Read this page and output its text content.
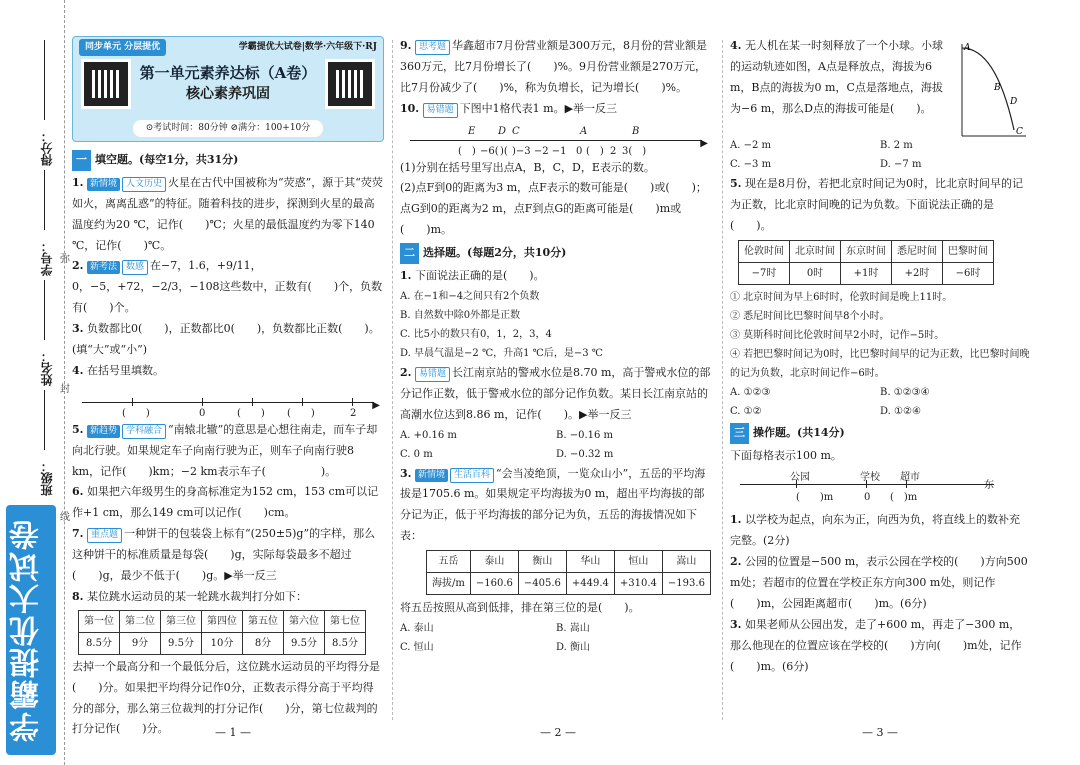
得分：
学号：
姓名：
班级：
弥
封
线
学霸提优大试卷
同步单元 分层提优	学霸提优大试卷|数学·六年级下·RJ
第一单元素养达标（A卷）
核心素养巩固
⊙考试时间：80分钟 ⊘满分：100+10分
一 填空题。(每空1分，共31分)
1. 新情境 人文历史 火星在古代中国被称为“荧惑”，源于其“荧荧如火，离离乱惑”的特征。随着科技的进步，探测到火星的最高温度约为20 ℃，记作(　　)℃；火星的最低温度约为零下140 ℃，记作(　　)℃。
2. 新考法 数感 在−7，1.6，+9/11，0，−5，+72，−2/3，−108这些数中，正数有(　　)个，负数有(　　)个。
3. 负数都比0(　　)，正数都比0(　　)，负数都比正数(　　)。(填“大”或“小”)
4. 在括号里填数。
▶
(　　)	0	(　　) (　　)	2
5. 新趋势 学科融合 “南辕北辙”的意思是心想往南走，而车子却向北行驶。如果规定车子向南行驶为正，则车子向南行驶8 km，记作(　　)km；−2 km表示车子(　　　　　)。
6. 如果把六年级男生的身高标准定为152 cm，153 cm可以记作+1 cm，那么149 cm可以记作(　　)cm。
7. 重点题 一种饼干的包装袋上标有“(250±5)g”的字样，那么这种饼干的标准质量是每袋(　　)g，实际每袋最多不超过(　　)g，最少不低于(　　)g。▶举一反三
8. 某位跳水运动员的某一轮跳水裁判打分如下：
第一位	第二位	第三位	第四位	第五位	第六位	第七位
8.5分	9分	9.5分	10分	8分	9.5分	8.5分
去掉一个最高分和一个最低分后，这位跳水运动员的平均得分是(　　)分。如果把平均得分记作0分，正数表示得分高于平均得分的部分，那么第三位裁判的打分记作(　　)分，第七位裁判的打分记作(　　)分。	— 1 —
9. 思考题 华鑫超市7月份营业额是300万元，8月份的营业额是360万元，比7月份增长了(　　)%。9月份营业额是270万元，比7月份减少了(　　)%，称为负增长，记为增长(　　)%。
10. 易错题 下图中1格代表1 m。▶举一反三
▶
E D C	A	B
(　) −6( )( )−3 −2 −1 0 (　) 2 3(　)
(1)分别在括号里写出点A，B，C，D，E表示的数。
(2)点F到0的距离为3 m，点F表示的数可能是(　　)或(　　)；点G到0的距离为2 m，点F到点G的距离可能是(　　)m或(　　)m。
二 选择题。(每题2分，共10分)
1. 下面说法正确的是(　　)。
A. 在−1和−4之间只有2个负数
B. 自然数中除0外都是正数
C. 比5小的数只有0，1，2，3，4
D. 早晨气温是−2 ℃，升高1 ℃后，是−3 ℃
2. 易错题 长江南京站的警戒水位是8.70 m，高于警戒水位的部分记作正数，低于警戒水位的部分记作负数。某日长江南京站的高潮水位达到8.86 m，记作(　　)。▶举一反三
A. +0.16 m	B. −0.16 m
C. 0 m	D. −0.32 m
3. 新情境 生活百科 “会当凌绝顶，一览众山小”，五岳的平均海拔是1705.6 m。如果规定平均海拔为0 m，超出平均海拔的部分记为正，低于平均海拔的部分记为负，五岳的海拔情况如下表：
五岳	泰山	衡山	华山	恒山	嵩山
海拔/m	−160.6	−405.6	+449.4	+310.4	−193.6
将五岳按照从高到低排，排在第三位的是(　　)。
A. 泰山	B. 嵩山
C. 恒山	D. 衡山
— 2 —
4. 无人机在某一时刻释放了一个小球。小球的运动轨迹如图，A点是释放点，海拔为6 m，B点的海拔为0 m，C点是落地点，海拔为−6 m，那么D点的海拔可能是(　　)。
A
B
D
C
A. −2 m	B. 2 m
C. −3 m	D. −7 m
5. 现在是8月份，若把北京时间记为0时，比北京时间早的记为正数，比北京时间晚的记为负数。下面说法正确的是(　　)。
伦敦时间	北京时间	东京时间	悉尼时间	巴黎时间
−7时	0时	+1时	+2时	−6时
① 北京时间为早上6时时，伦敦时间是晚上11时。
② 悉尼时间比巴黎时间早8个小时。
③ 莫斯科时间比伦敦时间早2小时，记作−5时。
④ 若把巴黎时间记为0时，比巴黎时间早的记为正数，比巴黎时间晚的记为负数，北京时间记作−6时。
A. ①②③	B. ①②③④
C. ①②	D. ①②④
三 操作题。(共14分)
下面每格表示100 m。
公园	学校 超市
东
(　　)m	0 (　)m
1. 以学校为起点，向东为正，向西为负，将直线上的数补充完整。(2分)
2. 公园的位置是−500 m，表示公园在学校的(　　)方向500 m处；若超市的位置在学校正东方向300 m处，则记作(　　)m，公园距离超市(　　)m。(6分)
3. 如果老师从公园出发，走了+600 m，再走了−300 m，那么他现在的位置应该在学校的(　　)方向(　　)m处，记作(　　)m。(6分)
— 3 —
